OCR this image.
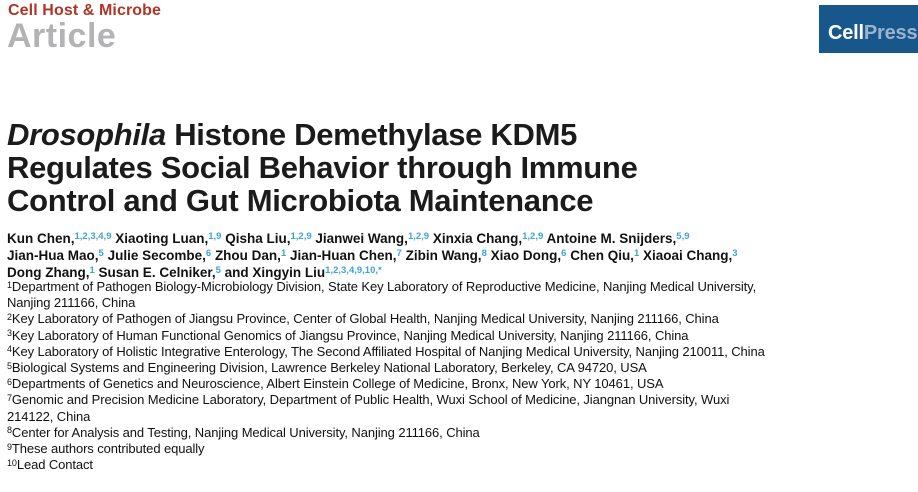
Cell Host & Microbe
Article	CellPress
Drosophila Histone Demethylase KDM5 Regulates Social Behavior through Immune Control and Gut Microbiota Maintenance
Kun Chen,$^{1,2,3,4,9}$ Xiaoting Luan,$^{1,9}$ Qisha Liu,$^{1,2,9}$ Jianwei Wang,$^{1,2,9}$ Xinxia Chang,$^{1,2,9}$ Antoine M. Snijders,$^{5,9}$
Jian-Hua Mao,$^5$ Julie Secombe,$^6$ Zhou Dan,$^1$ Jian-Huan Chen,$^7$ Zibin Wang,$^8$ Xiao Dong,$^6$ Chen Qiu,$^1$ Xiaoai Chang,$^3$
Dong Zhang,$^1$ Susan E. Celniker,$^5$ and Xingyin Liu$^{1,2,3,4,9,10,*}$
$^1$Department of Pathogen Biology-Microbiology Division, State Key Laboratory of Reproductive Medicine, Nanjing Medical University,
Nanjing 211166, China
$^2$Key Laboratory of Pathogen of Jiangsu Province, Center of Global Health, Nanjing Medical University, Nanjing 211166, China
$^3$Key Laboratory of Human Functional Genomics of Jiangsu Province, Nanjing Medical University, Nanjing 211166, China
$^4$Key Laboratory of Holistic Integrative Enterology, The Second Affiliated Hospital of Nanjing Medical University, Nanjing 210011, China
$^5$Biological Systems and Engineering Division, Lawrence Berkeley National Laboratory, Berkeley, CA 94720, USA
$^6$Departments of Genetics and Neuroscience, Albert Einstein College of Medicine, Bronx, New York, NY 10461, USA
$^7$Genomic and Precision Medicine Laboratory, Department of Public Health, Wuxi School of Medicine, Jiangnan University, Wuxi
214122, China
$^8$Center for Analysis and Testing, Nanjing Medical University, Nanjing 211166, China
$^9$These authors contributed equally
$^{10}$Lead Contact
